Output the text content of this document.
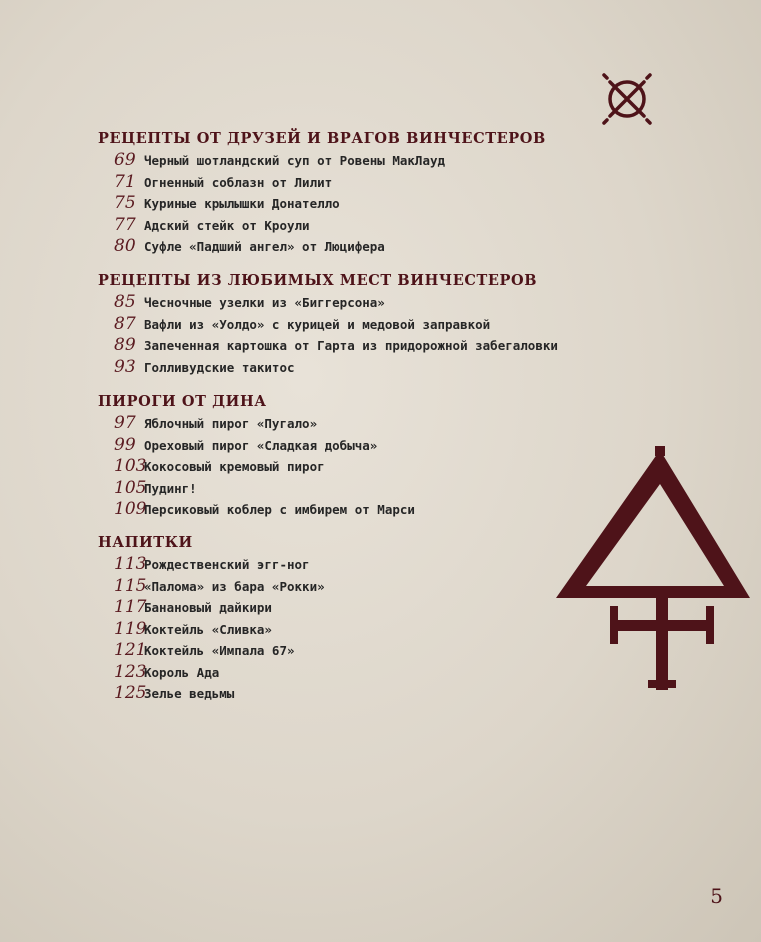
РЕЦЕПТЫ ОТ ДРУЗЕЙ И ВРАГОВ ВИНЧЕСТЕРОВ
69 Черный шотландский суп от Ровены МакЛауд
71 Огненный соблазн от Лилит
75 Куриные крылышки Донателло
77 Адский стейк от Кроули
80 Суфле «Падший ангел» от Люцифера
РЕЦЕПТЫ ИЗ ЛЮБИМЫХ МЕСТ ВИНЧЕСТЕРОВ
85 Чесночные узелки из «Биггерсона»
87 Вафли из «Уолдо» с курицей и медовой заправкой
89 Запеченная картошка от Гарта из придорожной забегаловки
93 Голливудские такитос
ПИРОГИ ОТ ДИНА
97 Яблочный пирог «Пугало»
99 Ореховый пирог «Сладкая добыча»
103
Кокосовый кремовый пирог
105
Пудинг!
109
Персиковый коблер с имбирем от Марси
НАПИТКИ
113
Рождественский эгг-ног
115
«Палома» из бара «Рокки»
117
Банановый дайкири
119
Коктейль «Сливка»
121
Коктейль «Импала 67»
123
Король Ада
125
Зелье ведьмы
5
